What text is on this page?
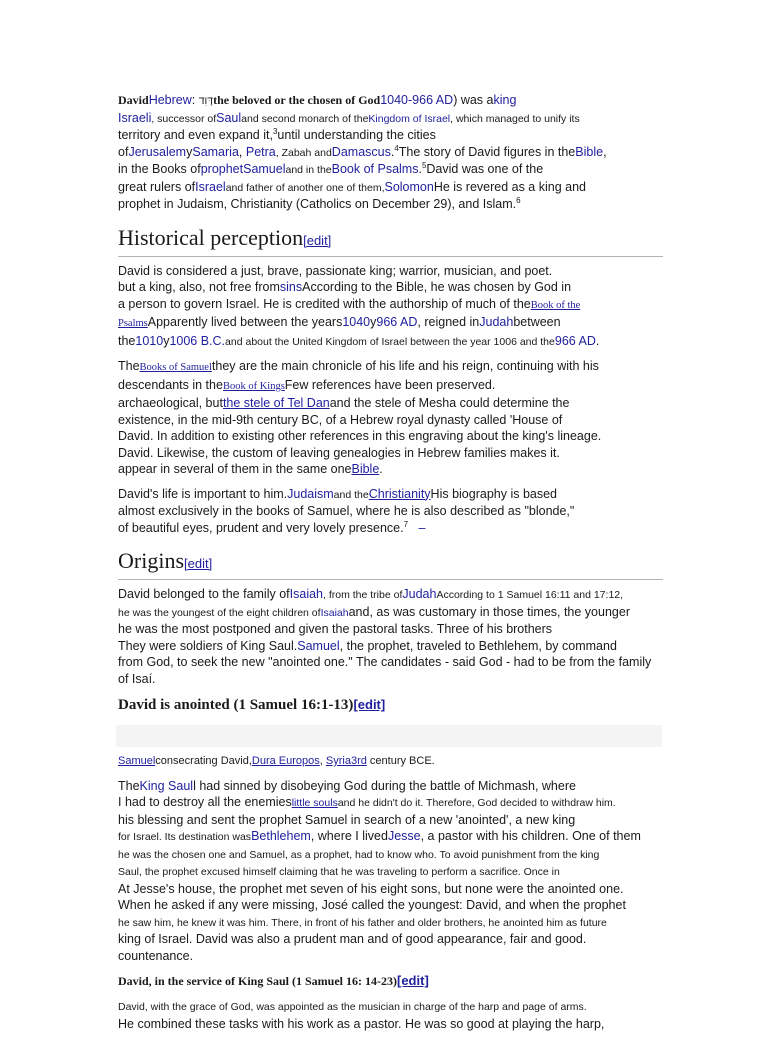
DavidHebrew: דָּוִדthe beloved or the chosen of God1040-966 AD) was aking
Israeli, successor ofSauland second monarch of theKingdom of Israel, which managed to unify its
territory and even expand it,$^3$until understanding the cities
ofJerusalemySamaria, Petra, Zabah andDamascus.$^4$The story of David figures in theBible,
in the Books ofprophetSamueland in theBook of Psalms.$^5$David was one of the
great rulers ofIsraeland father of another one of them,SolomonHe is revered as a king and
prophet in Judaism, Christianity (Catholics on December 29), and Islam.$^6$

Historical perception[edit]

David is considered a just, brave, passionate king; warrior, musician, and poet.
but a king, also, not free fromsinsAccording to the Bible, he was chosen by God in
a person to govern Israel. He is credited with the authorship of much of theBook of the PsalmsApparently lived between the years1040y966 AD, reigned inJudahbetween
the1010y1006 B.C.and about the United Kingdom of Israel between the year 1006 and the966 AD.

TheBooks of Samuelthey are the main chronicle of his life and his reign, continuing with his
descendants in theBook of KingsFew references have been preserved.
archaeological, butthe stele of Tel Danand the stele of Mesha could determine the
existence, in the mid-9th century BC, of a Hebrew royal dynasty called 'House of
David. In addition to existing other references in this engraving about the king's lineage.
David. Likewise, the custom of leaving genealogies in Hebrew families makes it.
appear in several of them in the same oneBible.

David's life is important to him.Judaismand theChristianityHis biography is based
almost exclusively in the books of Samuel, where he is also described as "blonde,"
of beautiful eyes, prudent and very lovely presence.$^7$ –

Origins[edit]

David belonged to the family ofIsaiah, from the tribe ofJudahAccording to 1 Samuel 16:11 and 17:12,
he was the youngest of the eight children ofIsaiahand, as was customary in those times, the younger
he was the most postponed and given the pastoral tasks. Three of his brothers
They were soldiers of King Saul.Samuel, the prophet, traveled to Bethlehem, by command
from God, to seek the new "anointed one." The candidates - said God - had to be from the family
of Isaí.

David is anointed (1 Samuel 16:1-13)[edit]

Samuelconsecrating David,Dura Europos, Syria3rd century BCE.

TheKing Saull had sinned by disobeying God during the battle of Michmash, where
I had to destroy all the enemieslittle soulsand he didn't do it. Therefore, God decided to withdraw him.
his blessing and sent the prophet Samuel in search of a new 'anointed', a new king
for Israel. Its destination wasBethlehem, where I livedJesse, a pastor with his children. One of them
he was the chosen one and Samuel, as a prophet, had to know who. To avoid punishment from the king
Saul, the prophet excused himself claiming that he was traveling to perform a sacrifice. Once in
At Jesse's house, the prophet met seven of his eight sons, but none were the anointed one.
When he asked if any were missing, José called the youngest: David, and when the prophet
he saw him, he knew it was him. There, in front of his father and older brothers, he anointed him as future
king of Israel. David was also a prudent man and of good appearance, fair and good.
countenance.

David, in the service of King Saul (1 Samuel 16: 14-23)[edit]

David, with the grace of God, was appointed as the musician in charge of the harp and page of arms.
He combined these tasks with his work as a pastor. He was so good at playing the harp,
